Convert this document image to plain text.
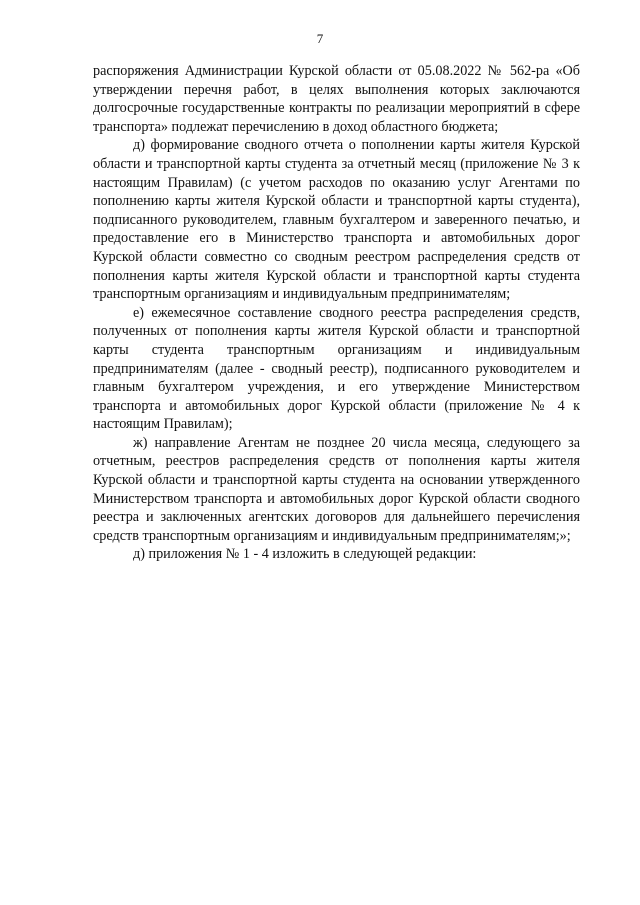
7

распоряжения Администрации Курской области от 05.08.2022 № 562-ра «Об утверждении перечня работ, в целях выполнения которых заключаются долгосрочные государственные контракты по реализации мероприятий в сфере транспорта» подлежат перечислению в доход областного бюджета;

д) формирование сводного отчета о пополнении карты жителя Курской области и транспортной карты студента за отчетный месяц (приложение № 3 к настоящим Правилам) (с учетом расходов по оказанию услуг Агентами по пополнению карты жителя Курской области и транспортной карты студента), подписанного руководителем, главным бухгалтером и заверенного печатью, и предоставление его в Министерство транспорта и автомобильных дорог Курской области совместно со сводным реестром распределения средств от пополнения карты жителя Курской области и транспортной карты студента транспортным организациям и индивидуальным предпринимателям;

е) ежемесячное составление сводного реестра распределения средств, полученных от пополнения карты жителя Курской области и транспортной карты студента транспортным организациям и индивидуальным предпринимателям (далее - сводный реестр), подписанного руководителем и главным бухгалтером учреждения, и его утверждение Министерством транспорта и автомобильных дорог Курской области (приложение № 4 к настоящим Правилам);

ж) направление Агентам не позднее 20 числа месяца, следующего за отчетным, реестров распределения средств от пополнения карты жителя Курской области и транспортной карты студента на основании утвержденного Министерством транспорта и автомобильных дорог Курской области сводного реестра и заключенных агентских договоров для дальнейшего перечисления средств транспортным организациям и индивидуальным предпринимателям;»;

д) приложения № 1 - 4 изложить в следующей редакции:
